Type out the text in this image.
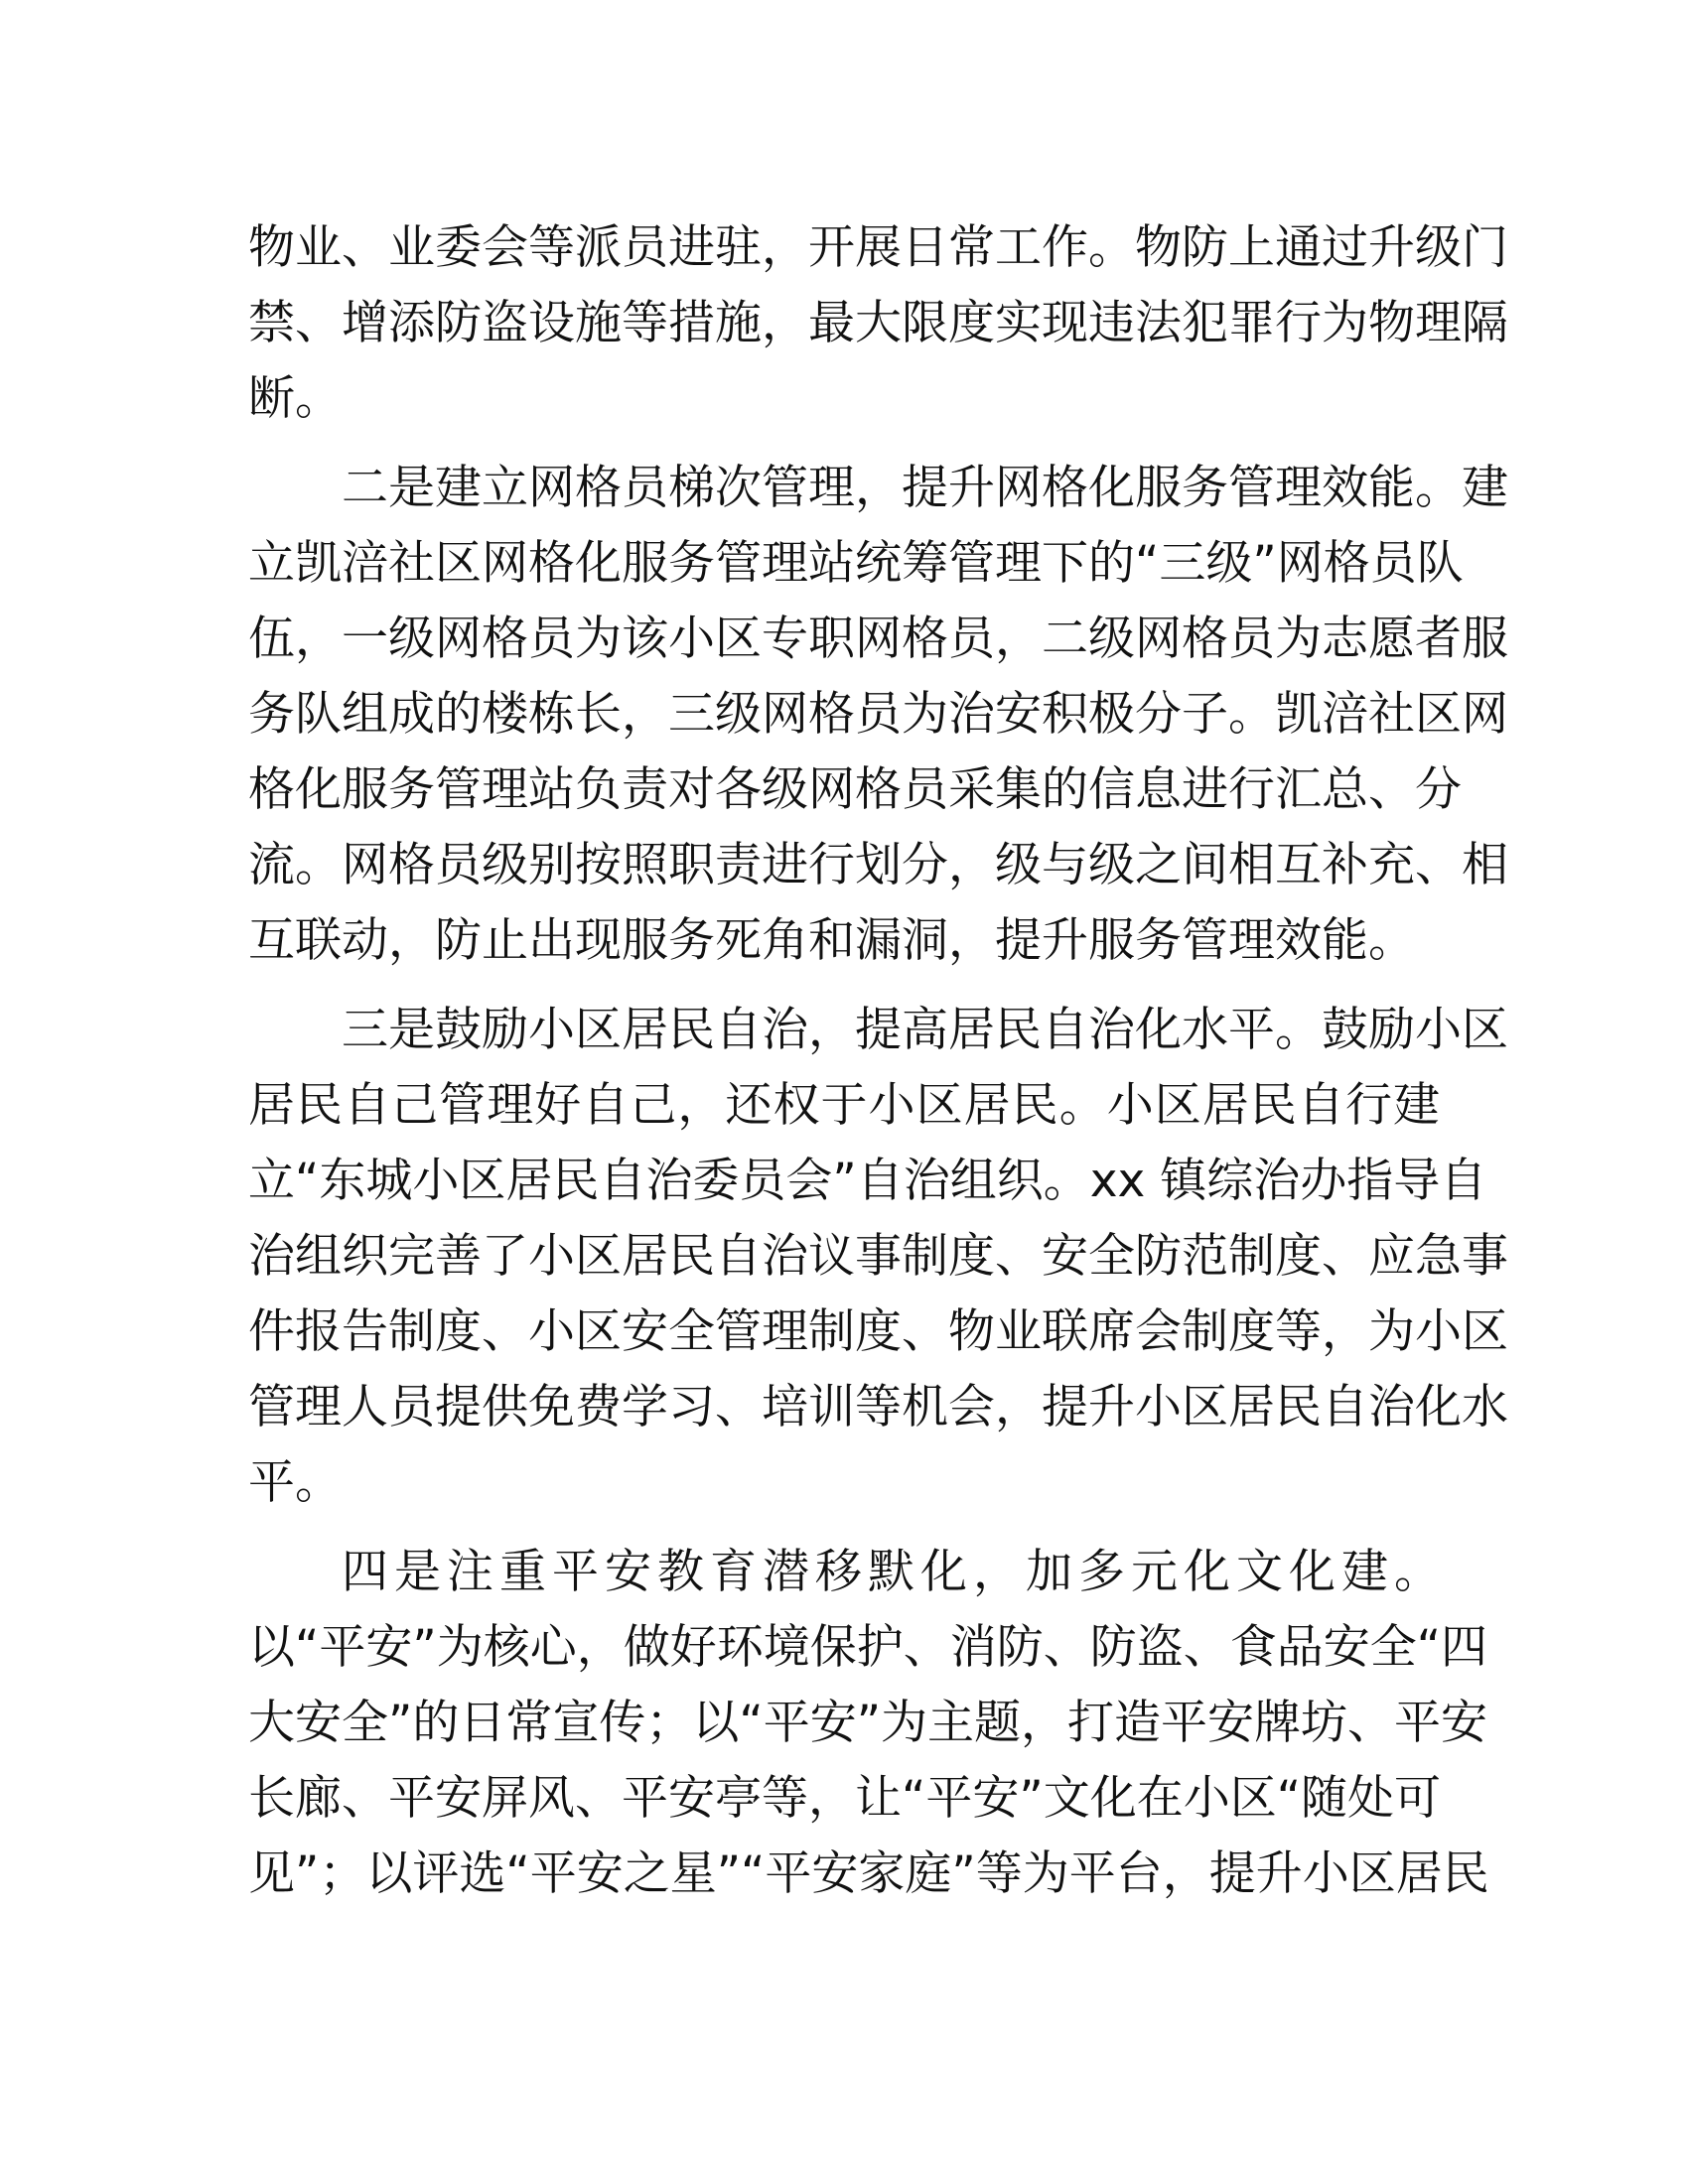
物业、业委会等派员进驻，开展日常工作。物防上通过升级门
禁、增添防盗设施等措施，最大限度实现违法犯罪行为物理隔
断。
二是建立网格员梯次管理，提升网格化服务管理效能。建
立凯涪社区网格化服务管理站统筹管理下的“三级”网格员队
伍，一级网格员为该小区专职网格员，二级网格员为志愿者服
务队组成的楼栋长，三级网格员为治安积极分子。凯涪社区网
格化服务管理站负责对各级网格员采集的信息进行汇总、分
流。网格员级别按照职责进行划分，级与级之间相互补充、相
互联动，防止出现服务死角和漏洞，提升服务管理效能。
三是鼓励小区居民自治，提高居民自治化水平。鼓励小区
居民自己管理好自己，还权于小区居民。小区居民自行建
立“东城小区居民自治委员会”自治组织。xx 镇综治办指导自
治组织完善了小区居民自治议事制度、安全防范制度、应急事
件报告制度、小区安全管理制度、物业联席会制度等，为小区
管理人员提供免费学习、培训等机会，提升小区居民自治化水
平。
四是注重平安教育潜移默化，加多元化文化建。
以“平安”为核心，做好环境保护、消防、防盗、食品安全“四
大安全”的日常宣传；以“平安”为主题，打造平安牌坊、平安
长廊、平安屏风、平安亭等，让“平安”文化在小区“随处可
见”；以评选“平安之星”“平安家庭”等为平台，提升小区居民
